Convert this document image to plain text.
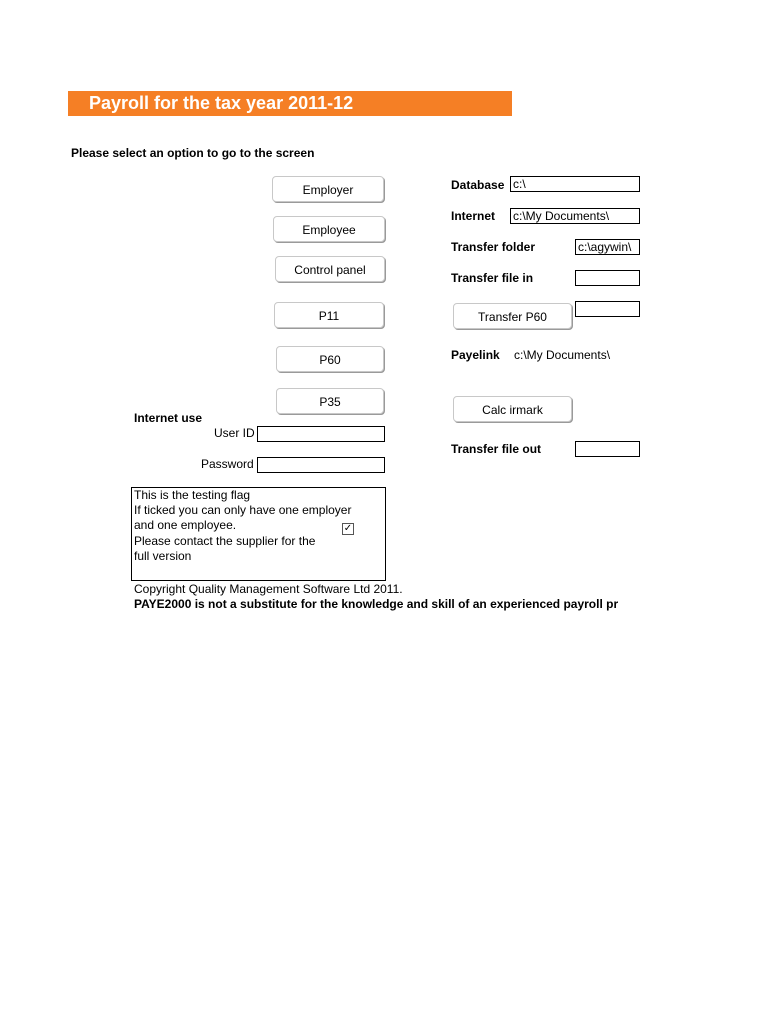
Payroll for the tax year 2011-12
Please select an option to go to the screen
Employer
Employee
Control panel
P11
P60
P35
Database c:\
Internet c:\My Documents\
Transfer folder	c:\agywin\
Transfer file in
Transfer P60
Payelink c:\My Documents\
Calc irmark
Transfer file out
Internet use
User ID
Password
This is the testing flag
If ticked you can only have one employer
and one employee.
Please contact the supplier for the
full version
✓
Copyright Quality Management Software Ltd 2011.
PAYE2000 is not a substitute for the knowledge and skill of an experienced payroll pr
